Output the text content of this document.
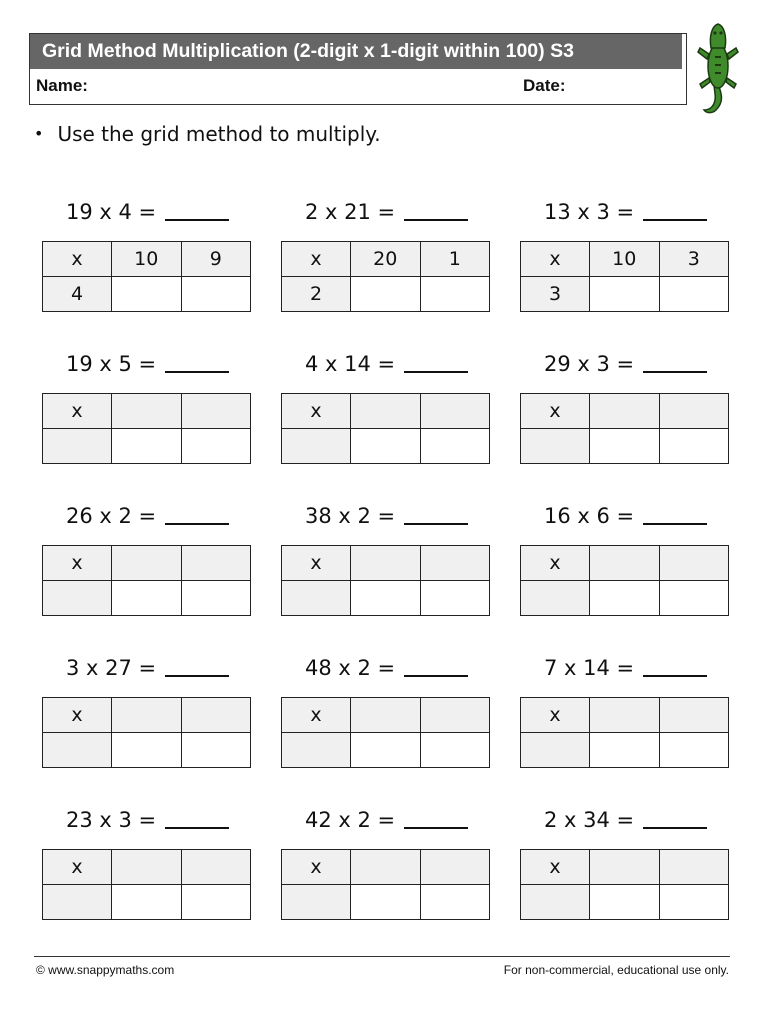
Grid Method Multiplication (2-digit x 1-digit within 100) S3
Name:	Date:
• Use the grid method to multiply.
19 x 4 =
x	10	9
4		
2 x 21 =
x	20	1
2		
13 x 3 =
x	10	3
3		
19 x 5 =
x		

4 x 14 =
x		

29 x 3 =
x		

26 x 2 =
x		

38 x 2 =
x		

16 x 6 =
x		

3 x 27 =
x		

48 x 2 =
x		

7 x 14 =
x		

23 x 3 =
x		

42 x 2 =
x		

2 x 34 =
x		

© www.snappymaths.com	For non-commercial, educational use only.
